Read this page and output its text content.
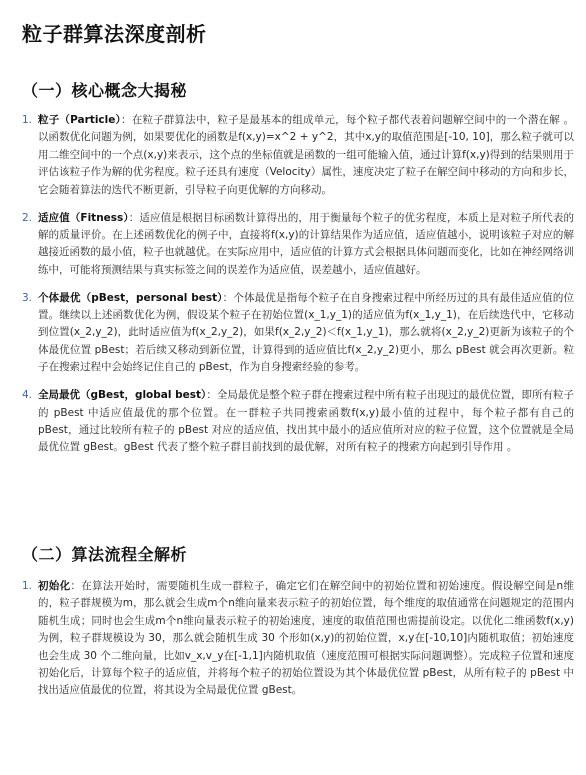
粒子群算法深度剖析
（一）核心概念大揭秘
1. 粒子（Particle）：在粒子群算法中，粒子是最基本的组成单元，每个粒子都代表着问题解空间中的一个潜在解 。以函数优化问题为例，如果要优化的函数是f(x,y)=x^2 + y^2，其中x,y的取值范围是[-10, 10]，那么粒子就可以用二维空间中的一个点(x,y)来表示，这个点的坐标值就是函数的一组可能输入值，通过计算f(x,y)得到的结果则用于评估该粒子作为解的优劣程度。粒子还具有速度（Velocity）属性，速度决定了粒子在解空间中移动的方向和步长，它会随着算法的迭代不断更新，引导粒子向更优解的方向移动。
2. 适应值（Fitness）：适应值是根据目标函数计算得出的，用于衡量每个粒子的优劣程度，本质上是对粒子所代表的解的质量评价。在上述函数优化的例子中，直接将f(x,y)的计算结果作为适应值，适应值越小，说明该粒子对应的解越接近函数的最小值，粒子也就越优。在实际应用中，适应值的计算方式会根据具体问题而变化，比如在神经网络训练中，可能将预测结果与真实标签之间的误差作为适应值，误差越小，适应值越好。
3. 个体最优（pBest，personal best）：个体最优是指每个粒子在自身搜索过程中所经历过的具有最佳适应值的位置。继续以上述函数优化为例，假设某个粒子在初始位置(x_1,y_1)的适应值为f(x_1,y_1)，在后续迭代中，它移动到位置(x_2,y_2)，此时适应值为f(x_2,y_2)，如果f(x_2,y_2)＜f(x_1,y_1)，那么就将(x_2,y_2)更新为该粒子的个体最优位置 pBest；若后续又移动到新位置，计算得到的适应值比f(x_2,y_2)更小，那么 pBest 就会再次更新。粒子在搜索过程中会始终记住自己的 pBest，作为自身搜索经验的参考。
4. 全局最优（gBest，global best）：全局最优是整个粒子群在搜索过程中所有粒子出现过的最优位置，即所有粒子的 pBest 中适应值最优的那个位置。在一群粒子共同搜索函数f(x,y)最小值的过程中，每个粒子都有自己的 pBest，通过比较所有粒子的 pBest 对应的适应值，找出其中最小的适应值所对应的粒子位置，这个位置就是全局最优位置 gBest。gBest 代表了整个粒子群目前找到的最优解，对所有粒子的搜索方向起到引导作用 。
（二）算法流程全解析
1. 初始化：在算法开始时，需要随机生成一群粒子，确定它们在解空间中的初始位置和初始速度。假设解空间是n维的，粒子群规模为m，那么就会生成m个n维向量来表示粒子的初始位置，每个维度的取值通常在问题规定的范围内随机生成；同时也会生成m个n维向量表示粒子的初始速度，速度的取值范围也需提前设定。以优化二维函数f(x,y)为例，粒子群规模设为 30，那么就会随机生成 30 个形如(x,y)的初始位置，x,y在[-10,10]内随机取值；初始速度也会生成 30 个二维向量，比如v_x,v_y在[-1,1]内随机取值（速度范围可根据实际问题调整）。完成粒子位置和速度初始化后，计算每个粒子的适应值，并将每个粒子的初始位置设为其个体最优位置 pBest，从所有粒子的 pBest 中找出适应值最优的位置，将其设为全局最优位置 gBest。
